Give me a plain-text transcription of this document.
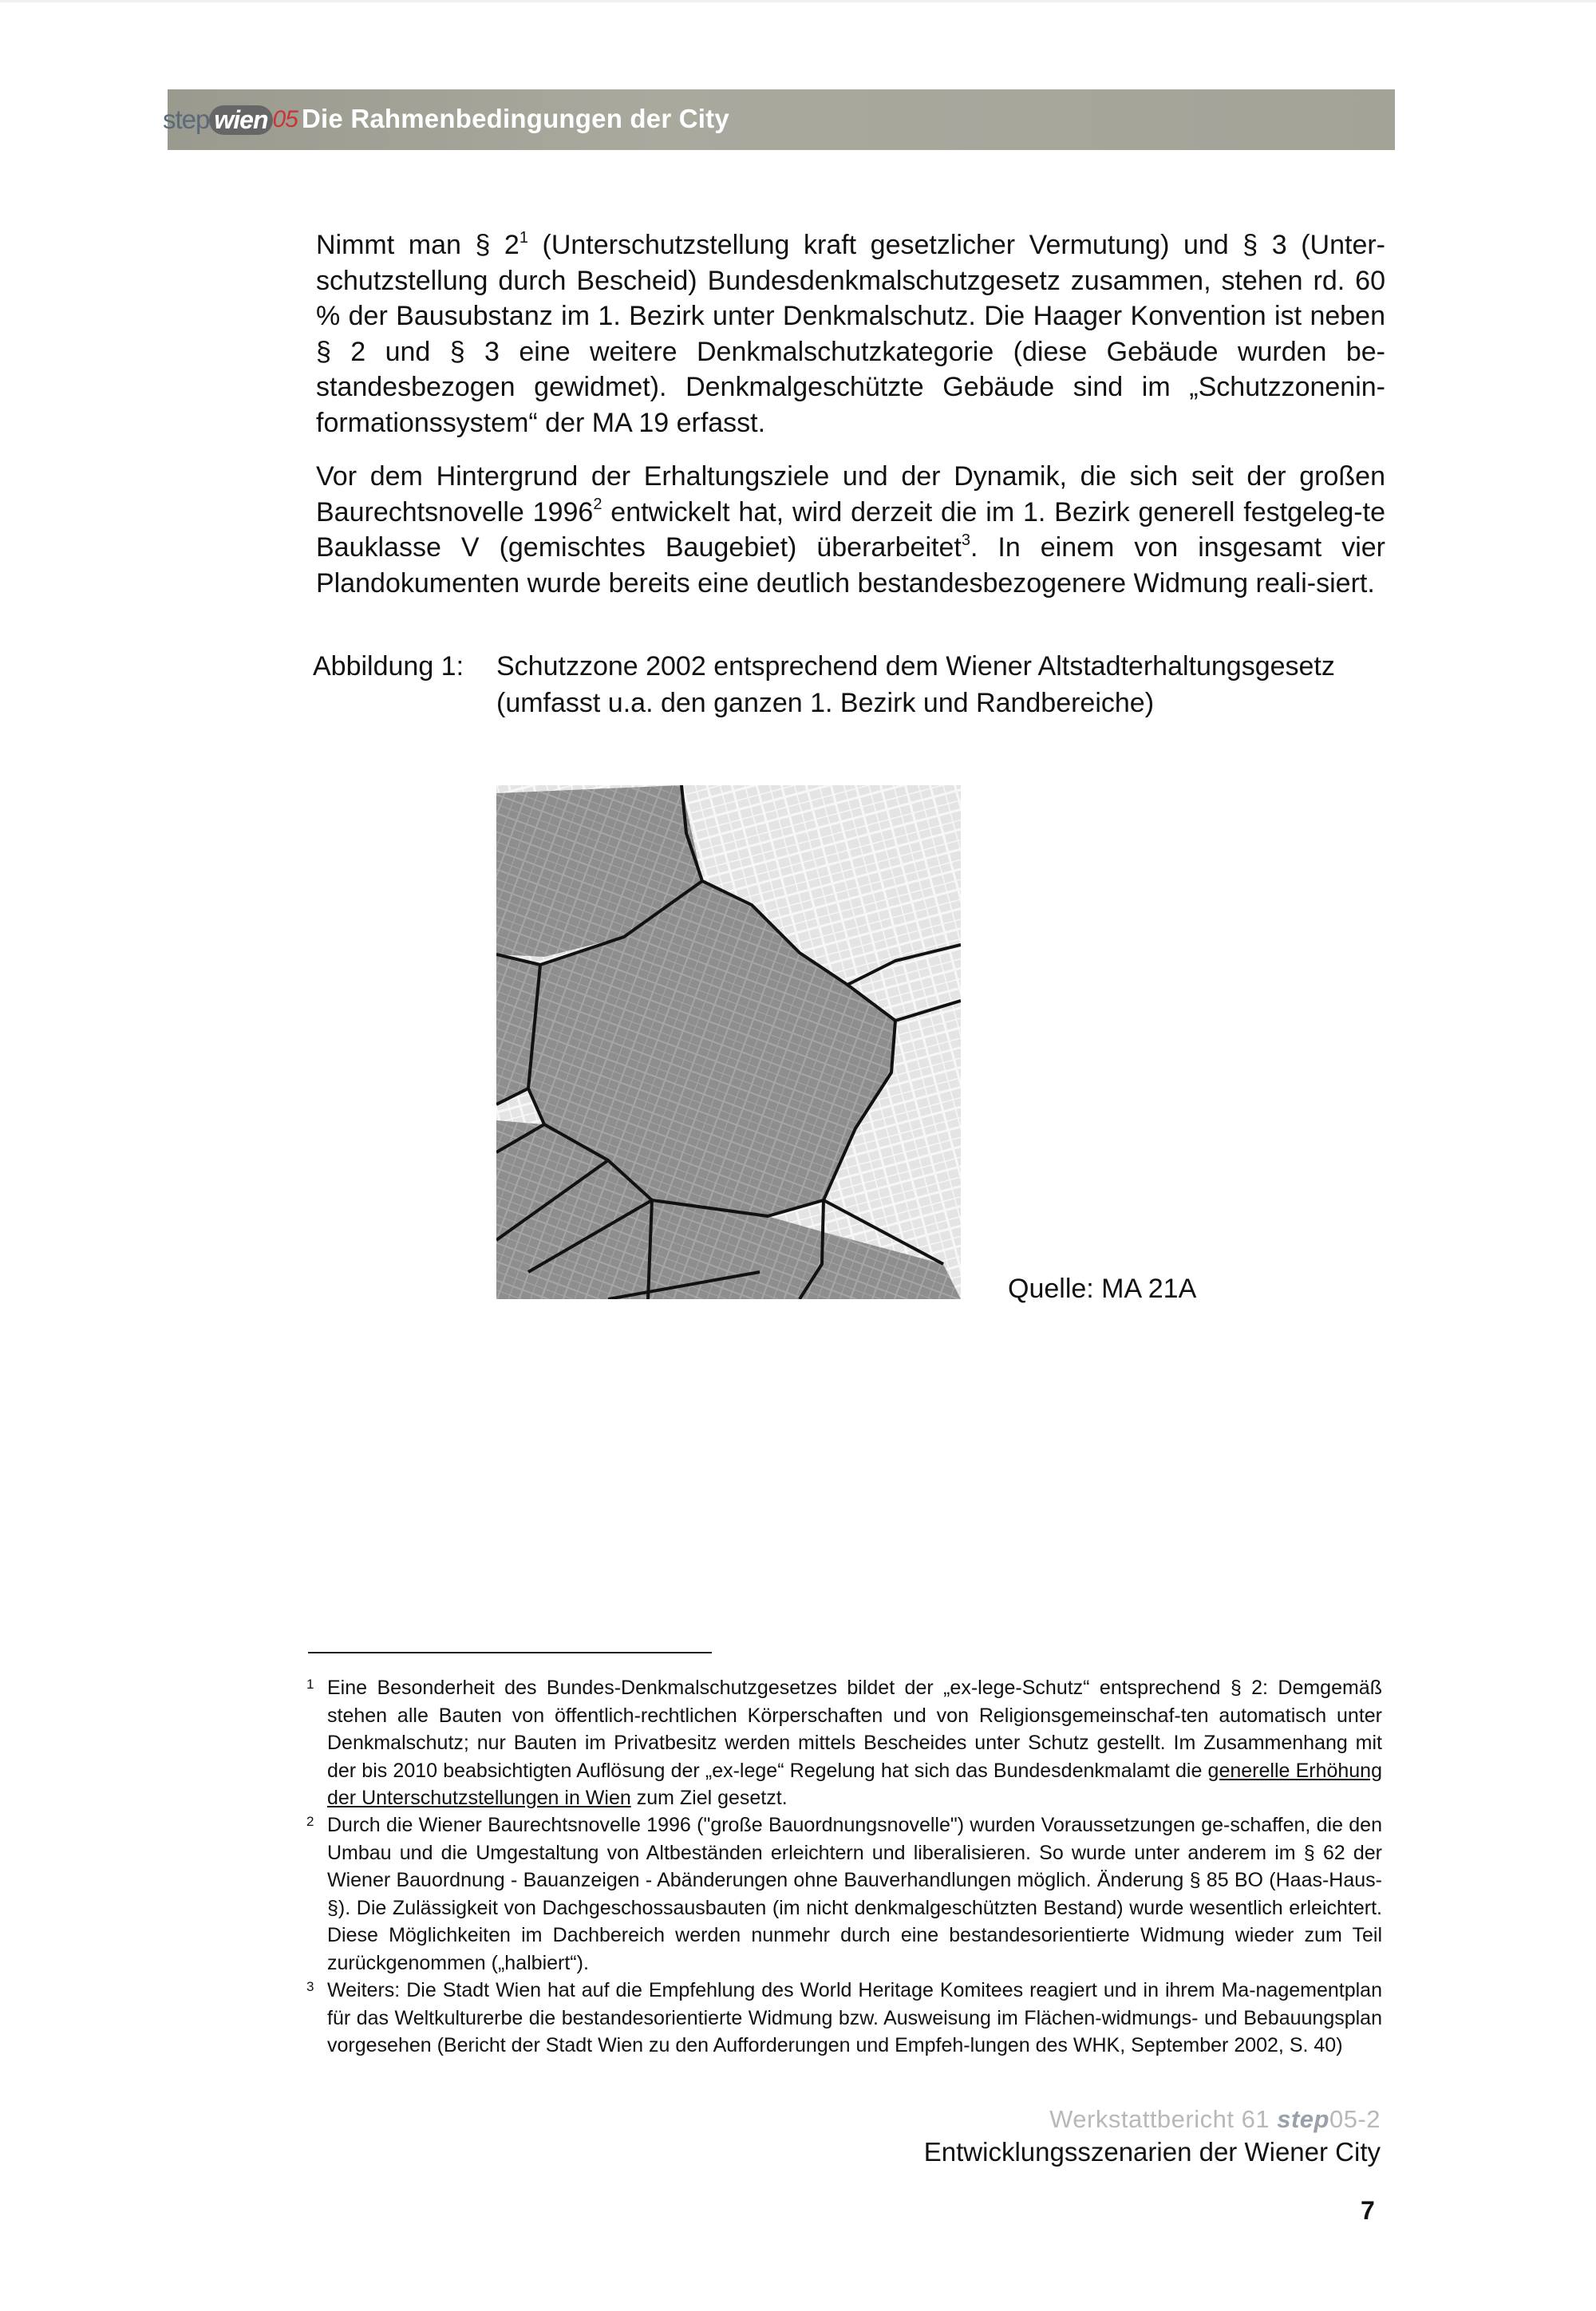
step wien 05 Die Rahmenbedingungen der City
Nimmt man § $2^1$ (Unterschutzstellung kraft gesetzlicher Vermutung) und § 3 (Unter-schutzstellung durch Bescheid) Bundesdenkmalschutzgesetz zusammen, stehen rd. 60 % der Bausubstanz im 1. Bezirk unter Denkmalschutz. Die Haager Konvention ist neben § 2 und § 3 eine weitere Denkmalschutzkategorie (diese Gebäude wurden be-standesbezogen gewidmet). Denkmalgeschützte Gebäude sind im „Schutzzonenin-formationssystem“ der MA 19 erfasst.
Vor dem Hintergrund der Erhaltungsziele und der Dynamik, die sich seit der großen Baurechtsnovelle 1996$^2$ entwickelt hat, wird derzeit die im 1. Bezirk generell festgeleg-te Bauklasse V (gemischtes Baugebiet) überarbeitet$^3$. In einem von insgesamt vier Plandokumenten wurde bereits eine deutlich bestandesbezogenere Widmung reali-siert.
Abbildung 1: Schutzzone 2002 entsprechend dem Wiener Altstadterhaltungsgesetz (umfasst u.a. den ganzen 1. Bezirk und Randbereiche)
Quelle: MA 21A
1 Eine Besonderheit des Bundes-Denkmalschutzgesetzes bildet der „ex-lege-Schutz“ entsprechend § 2: Demgemäß stehen alle Bauten von öffentlich-rechtlichen Körperschaften und von Religionsgemeinschaf-ten automatisch unter Denkmalschutz; nur Bauten im Privatbesitz werden mittels Bescheides unter Schutz gestellt. Im Zusammenhang mit der bis 2010 beabsichtigten Auflösung der „ex-lege“ Regelung hat sich das Bundesdenkmalamt die generelle Erhöhung der Unterschutzstellungen in Wien zum Ziel gesetzt.
2 Durch die Wiener Baurechtsnovelle 1996 ("große Bauordnungsnovelle") wurden Voraussetzungen ge-schaffen, die den Umbau und die Umgestaltung von Altbeständen erleichtern und liberalisieren. So wurde unter anderem im § 62 der Wiener Bauordnung - Bauanzeigen - Abänderungen ohne Bauverhandlungen möglich. Änderung § 85 BO (Haas-Haus-§). Die Zulässigkeit von Dachgeschossausbauten (im nicht denkmalgeschützten Bestand) wurde wesentlich erleichtert. Diese Möglichkeiten im Dachbereich werden nunmehr durch eine bestandesorientierte Widmung wieder zum Teil zurückgenommen („halbiert“).
3 Weiters: Die Stadt Wien hat auf die Empfehlung des World Heritage Komitees reagiert und in ihrem Ma-nagementplan für das Weltkulturerbe die bestandesorientierte Widmung bzw. Ausweisung im Flächen-widmungs- und Bebauungsplan vorgesehen (Bericht der Stadt Wien zu den Aufforderungen und Empfeh-lungen des WHK, September 2002, S. 40)
Werkstattbericht 61 step05-2
Entwicklungsszenarien der Wiener City
7
